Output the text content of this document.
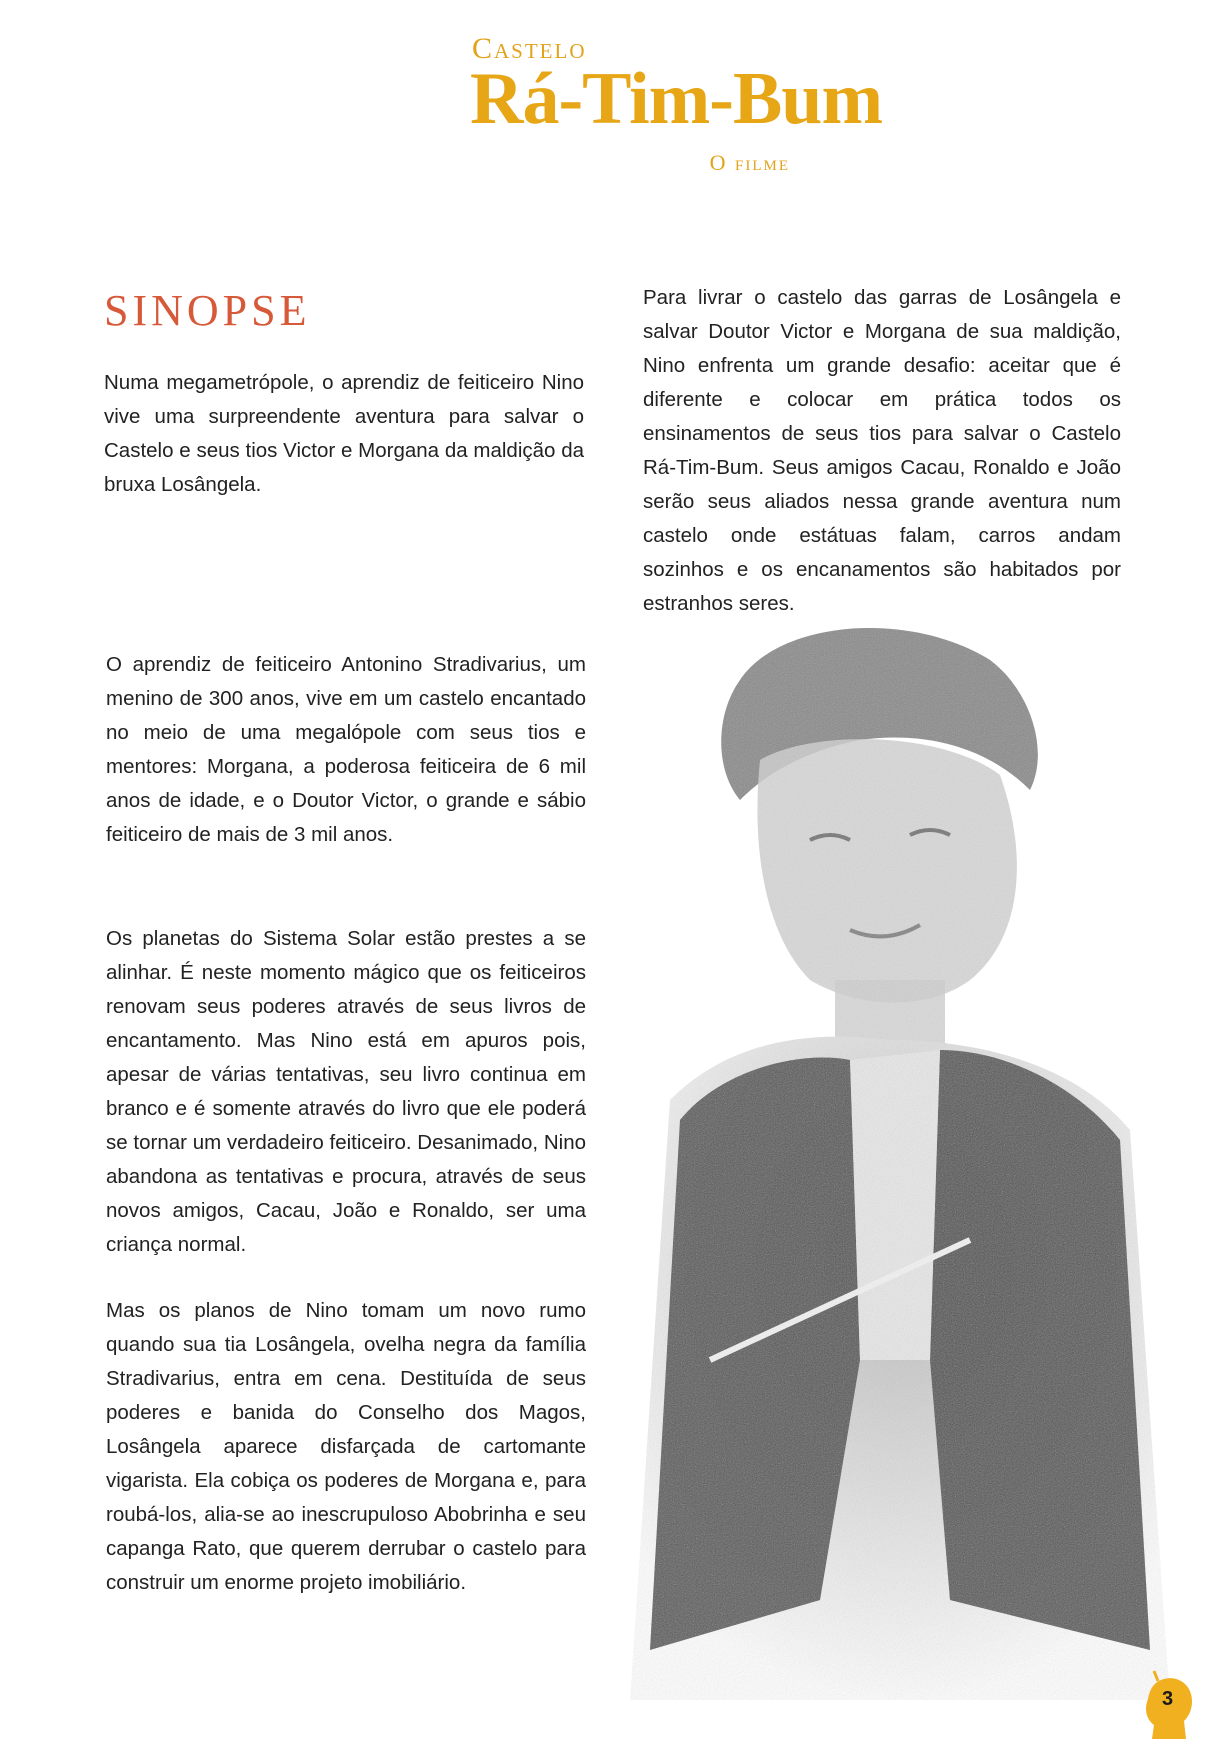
Castelo
Rá-Tim-Bum
O filme
SINOPSE

Numa megametrópole, o aprendiz de feiticeiro Nino vive uma surpreendente aventura para salvar o Castelo e seus tios Victor e Morgana da maldição da bruxa Losângela.

Para livrar o castelo das garras de Losângela e salvar Doutor Victor e Morgana de sua maldição, Nino enfrenta um grande desafio: aceitar que é diferente e colocar em prática todos os ensinamentos de seus tios para salvar o Castelo Rá-Tim-Bum. Seus amigos Cacau, Ronaldo e João serão seus aliados nessa grande aventura num castelo onde estátuas falam, carros andam sozinhos e os encanamentos são habitados por estranhos seres.

O aprendiz de feiticeiro Antonino Stradivarius, um menino de 300 anos, vive em um castelo encantado no meio de uma megalópole com seus tios e mentores: Morgana, a poderosa feiticeira de 6 mil anos de idade, e o Doutor Victor, o grande e sábio feiticeiro de mais de 3 mil anos.

Os planetas do Sistema Solar estão prestes a se alinhar. É neste momento mágico que os feiticeiros renovam seus poderes através de seus livros de encantamento. Mas Nino está em apuros pois, apesar de várias tentativas, seu livro continua em branco e é somente através do livro que ele poderá se tornar um verdadeiro feiticeiro. Desanimado, Nino abandona as tentativas e procura, através de seus novos amigos, Cacau, João e Ronaldo, ser uma criança normal.

Mas os planos de Nino tomam um novo rumo quando sua tia Losângela, ovelha negra da família Stradivarius, entra em cena. Destituída de seus poderes e banida do Conselho dos Magos, Losângela aparece disfarçada de cartomante vigarista. Ela cobiça os poderes de Morgana e, para roubá-los, alia-se ao inescrupuloso Abobrinha e seu capanga Rato, que querem derrubar o castelo para construir um enorme projeto imobiliário.

3
